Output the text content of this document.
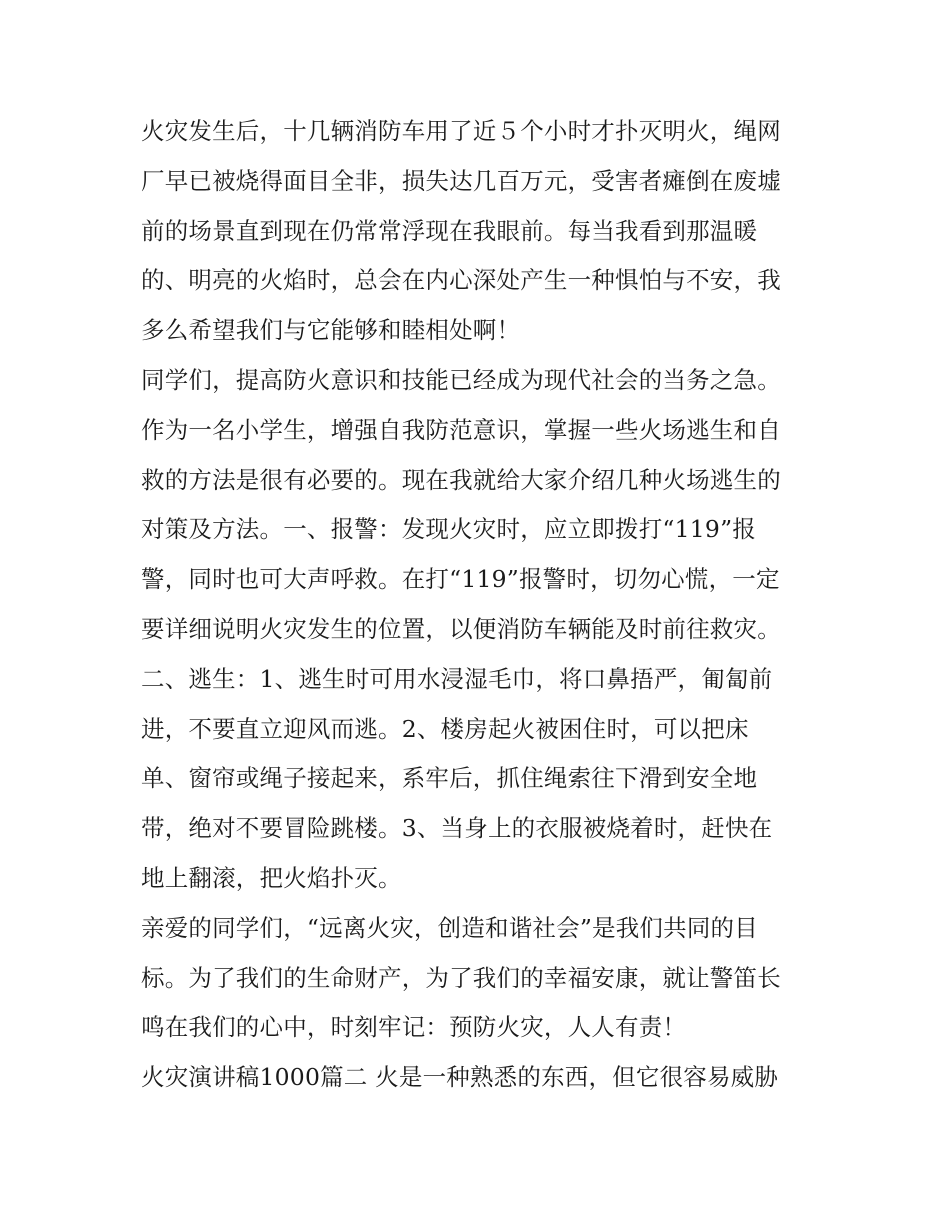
火灾发生后，十几辆消防车用了近５个小时才扑灭明火，绳网
厂早已被烧得面目全非，损失达几百万元，受害者瘫倒在废墟
前的场景直到现在仍常常浮现在我眼前。每当我看到那温暖
的、明亮的火焰时，总会在内心深处产生一种惧怕与不安，我
多么希望我们与它能够和睦相处啊！
同学们，提高防火意识和技能已经成为现代社会的当务之急。
作为一名小学生，增强自我防范意识，掌握一些火场逃生和自
救的方法是很有必要的。现在我就给大家介绍几种火场逃生的
对策及方法。一、报警：发现火灾时，应立即拨打“119”报
警，同时也可大声呼救。在打“119”报警时，切勿心慌，一定
要详细说明火灾发生的位置，以便消防车辆能及时前往救灾。
二、逃生：1、逃生时可用水浸湿毛巾，将口鼻捂严，匍匐前
进，不要直立迎风而逃。2、楼房起火被困住时，可以把床
单、窗帘或绳子接起来，系牢后，抓住绳索往下滑到安全地
带，绝对不要冒险跳楼。3、当身上的衣服被烧着时，赶快在
地上翻滚，把火焰扑灭。
亲爱的同学们，“远离火灾，创造和谐社会”是我们共同的目
标。为了我们的生命财产，为了我们的幸福安康，就让警笛长
鸣在我们的心中，时刻牢记：预防火灾，人人有责！
火灾演讲稿1000篇二 火是一种熟悉的东西，但它很容易威胁
